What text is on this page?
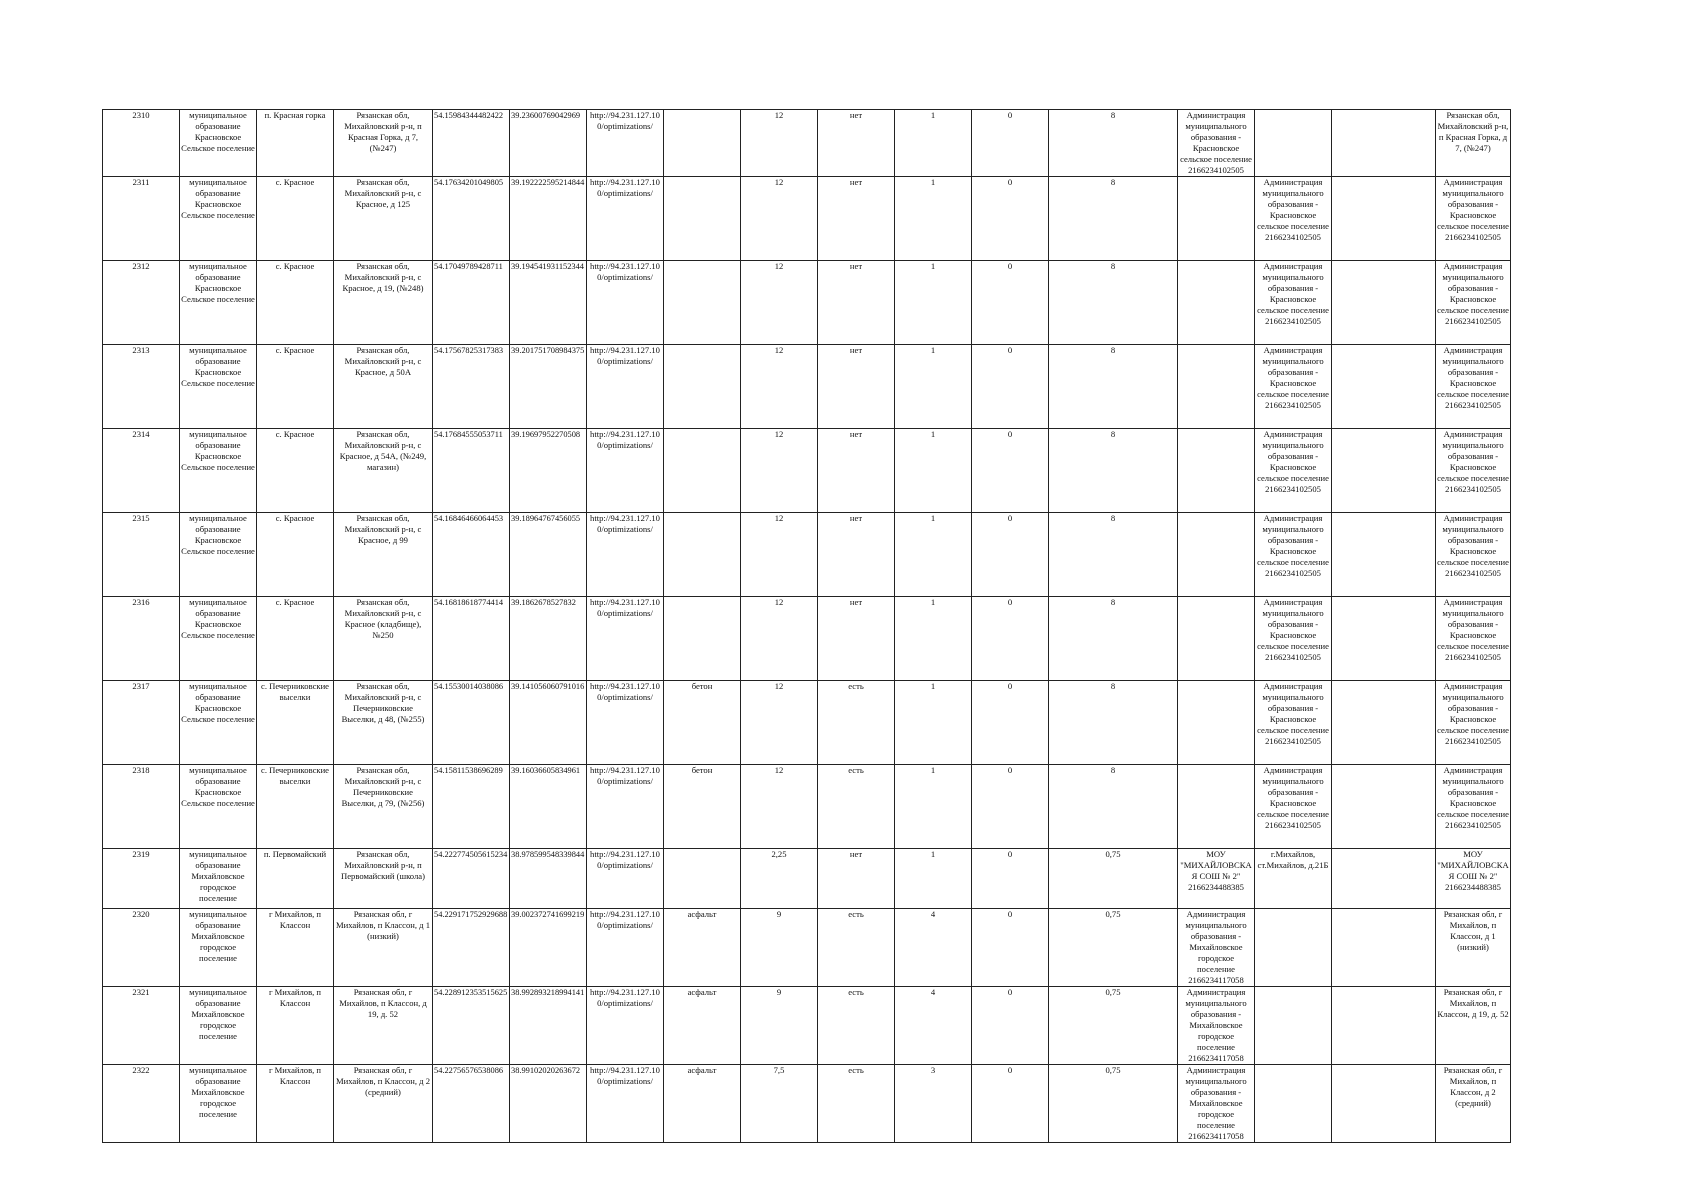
2310	муниципальное образование Красновское Сельское поселение	п. Красная горка	Рязанская обл, Михайловский р-н, п Красная Горка, д 7, (№247)	54.15984344482422	39.23600769042969	http://94.231.127.100/optimizations/		12	нет	1	0	8	Администрация муниципального образования - Красновское сельское поселение 2166234102505			Рязанская обл, Михайловский р-н, п Красная Горка, д 7, (№247)
2311	муниципальное образование Красновское Сельское поселение	с. Красное	Рязанская обл, Михайловский р-н, с Красное, д 125	54.17634201049805	39.192222595214844	http://94.231.127.100/optimizations/		12	нет	1	0	8		Администрация муниципального образования - Красновское сельское поселение 2166234102505		Администрация муниципального образования - Красновское сельское поселение 2166234102505
2312	муниципальное образование Красновское Сельское поселение	с. Красное	Рязанская обл, Михайловский р-н, с Красное, д 19, (№248)	54.17049789428711	39.194541931152344	http://94.231.127.100/optimizations/		12	нет	1	0	8		Администрация муниципального образования - Красновское сельское поселение 2166234102505		Администрация муниципального образования - Красновское сельское поселение 2166234102505
2313	муниципальное образование Красновское Сельское поселение	с. Красное	Рязанская обл, Михайловский р-н, с Красное, д 50А	54.17567825317383	39.201751708984375	http://94.231.127.100/optimizations/		12	нет	1	0	8		Администрация муниципального образования - Красновское сельское поселение 2166234102505		Администрация муниципального образования - Красновское сельское поселение 2166234102505
2314	муниципальное образование Красновское Сельское поселение	с. Красное	Рязанская обл, Михайловский р-н, с Красное, д 54А, (№249, магазин)	54.17684555053711	39.19697952270508	http://94.231.127.100/optimizations/		12	нет	1	0	8		Администрация муниципального образования - Красновское сельское поселение 2166234102505		Администрация муниципального образования - Красновское сельское поселение 2166234102505
2315	муниципальное образование Красновское Сельское поселение	с. Красное	Рязанская обл, Михайловский р-н, с Красное, д 99	54.16846466064453	39.18964767456055	http://94.231.127.100/optimizations/		12	нет	1	0	8		Администрация муниципального образования - Красновское сельское поселение 2166234102505		Администрация муниципального образования - Красновское сельское поселение 2166234102505
2316	муниципальное образование Красновское Сельское поселение	с. Красное	Рязанская обл, Михайловский р-н, с Красное (кладбище), №250	54.16818618774414	39.1862678527832	http://94.231.127.100/optimizations/		12	нет	1	0	8		Администрация муниципального образования - Красновское сельское поселение 2166234102505		Администрация муниципального образования - Красновское сельское поселение 2166234102505
2317	муниципальное образование Красновское Сельское поселение	с. Печерниковские выселки	Рязанская обл, Михайловский р-н, с Печерниковские Выселки, д 48, (№255)	54.15530014038086	39.141056060791016	http://94.231.127.100/optimizations/	бетон	12	есть	1	0	8		Администрация муниципального образования - Красновское сельское поселение 2166234102505		Администрация муниципального образования - Красновское сельское поселение 2166234102505
2318	муниципальное образование Красновское Сельское поселение	с. Печерниковские выселки	Рязанская обл, Михайловский р-н, с Печерниковские Выселки, д 79, (№256)	54.15811538696289	39.16036605834961	http://94.231.127.100/optimizations/	бетон	12	есть	1	0	8		Администрация муниципального образования - Красновское сельское поселение 2166234102505		Администрация муниципального образования - Красновское сельское поселение 2166234102505
2319	муниципальное образование Михайловское городское поселение	п. Первомайский	Рязанская обл, Михайловский р-н, п Первомайский (школа)	54.222774505615234	38.978599548339844	http://94.231.127.100/optimizations/		2,25	нет	1	0	0,75	МОУ "МИХАЙЛОВСКАЯ СОШ № 2" 2166234488385	г.Михайлов, ст.Михайлов, д.21Б		МОУ "МИХАЙЛОВСКАЯ СОШ № 2" 2166234488385
2320	муниципальное образование Михайловское городское поселение	г Михайлов, п Классон	Рязанская обл, г Михайлов, п Классон, д 1 (низкий)	54.229171752929688	39.002372741699219	http://94.231.127.100/optimizations/	асфальт	9	есть	4	0	0,75	Администрация муниципального образования - Михайловское городское поселение 2166234117058			Рязанская обл, г Михайлов, п Классон, д 1 (низкий)
2321	муниципальное образование Михайловское городское поселение	г Михайлов, п Классон	Рязанская обл, г Михайлов, п Классон, д 19, д. 52	54.228912353515625	38.992893218994141	http://94.231.127.100/optimizations/	асфальт	9	есть	4	0	0,75	Администрация муниципального образования - Михайловское городское поселение 2166234117058			Рязанская обл, г Михайлов, п Классон, д 19, д. 52
2322	муниципальное образование Михайловское городское поселение	г Михайлов, п Классон	Рязанская обл, г Михайлов, п Классон, д 2 (средний)	54.22756576538086	38.99102020263672	http://94.231.127.100/optimizations/	асфальт	7,5	есть	3	0	0,75	Администрация муниципального образования - Михайловское городское поселение 2166234117058			Рязанская обл, г Михайлов, п Классон, д 2 (средний)
